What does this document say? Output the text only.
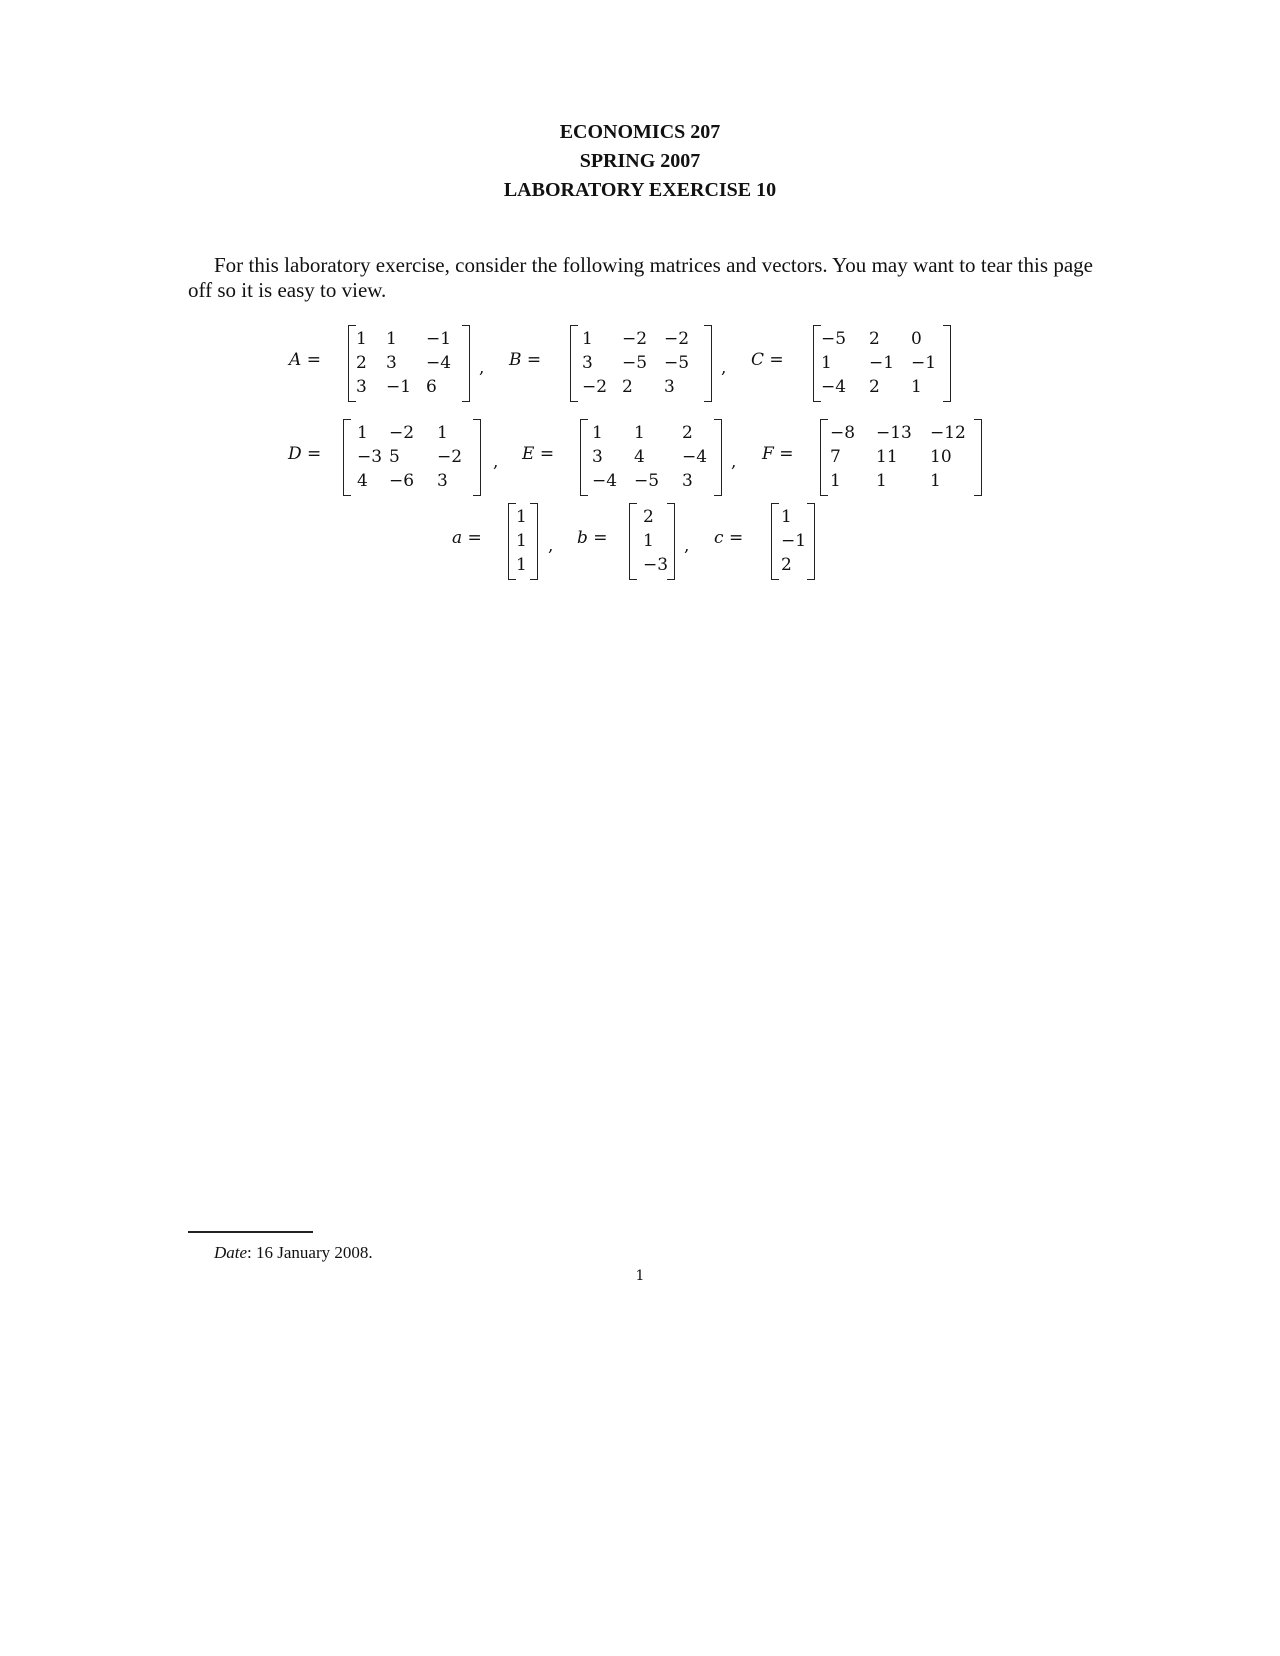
ECONOMICS 207
SPRING 2007
LABORATORY EXERCISE 10

For this laboratory exercise, consider the following matrices and vectors. You may want to tear this page off so it is easy to view.

A =
1 1 −1
2 3 −4
3 −1 6
, B =
1 −2 −2
3 −5 −5
−2 2 3
, C =
−5 2 0
1 −1 −1
−4 2 1
D =
1 −2 1
−3 5 −2
4 −6 3
, E =
1 1 2
3 4 −4
−4 −5 3
, F =
−8 −13 −12
7 11 10
1 1	1
a =
1
1
1
, b =
2
1
−3
, c =
1
−1
2
Date: 16 January 2008.
1
